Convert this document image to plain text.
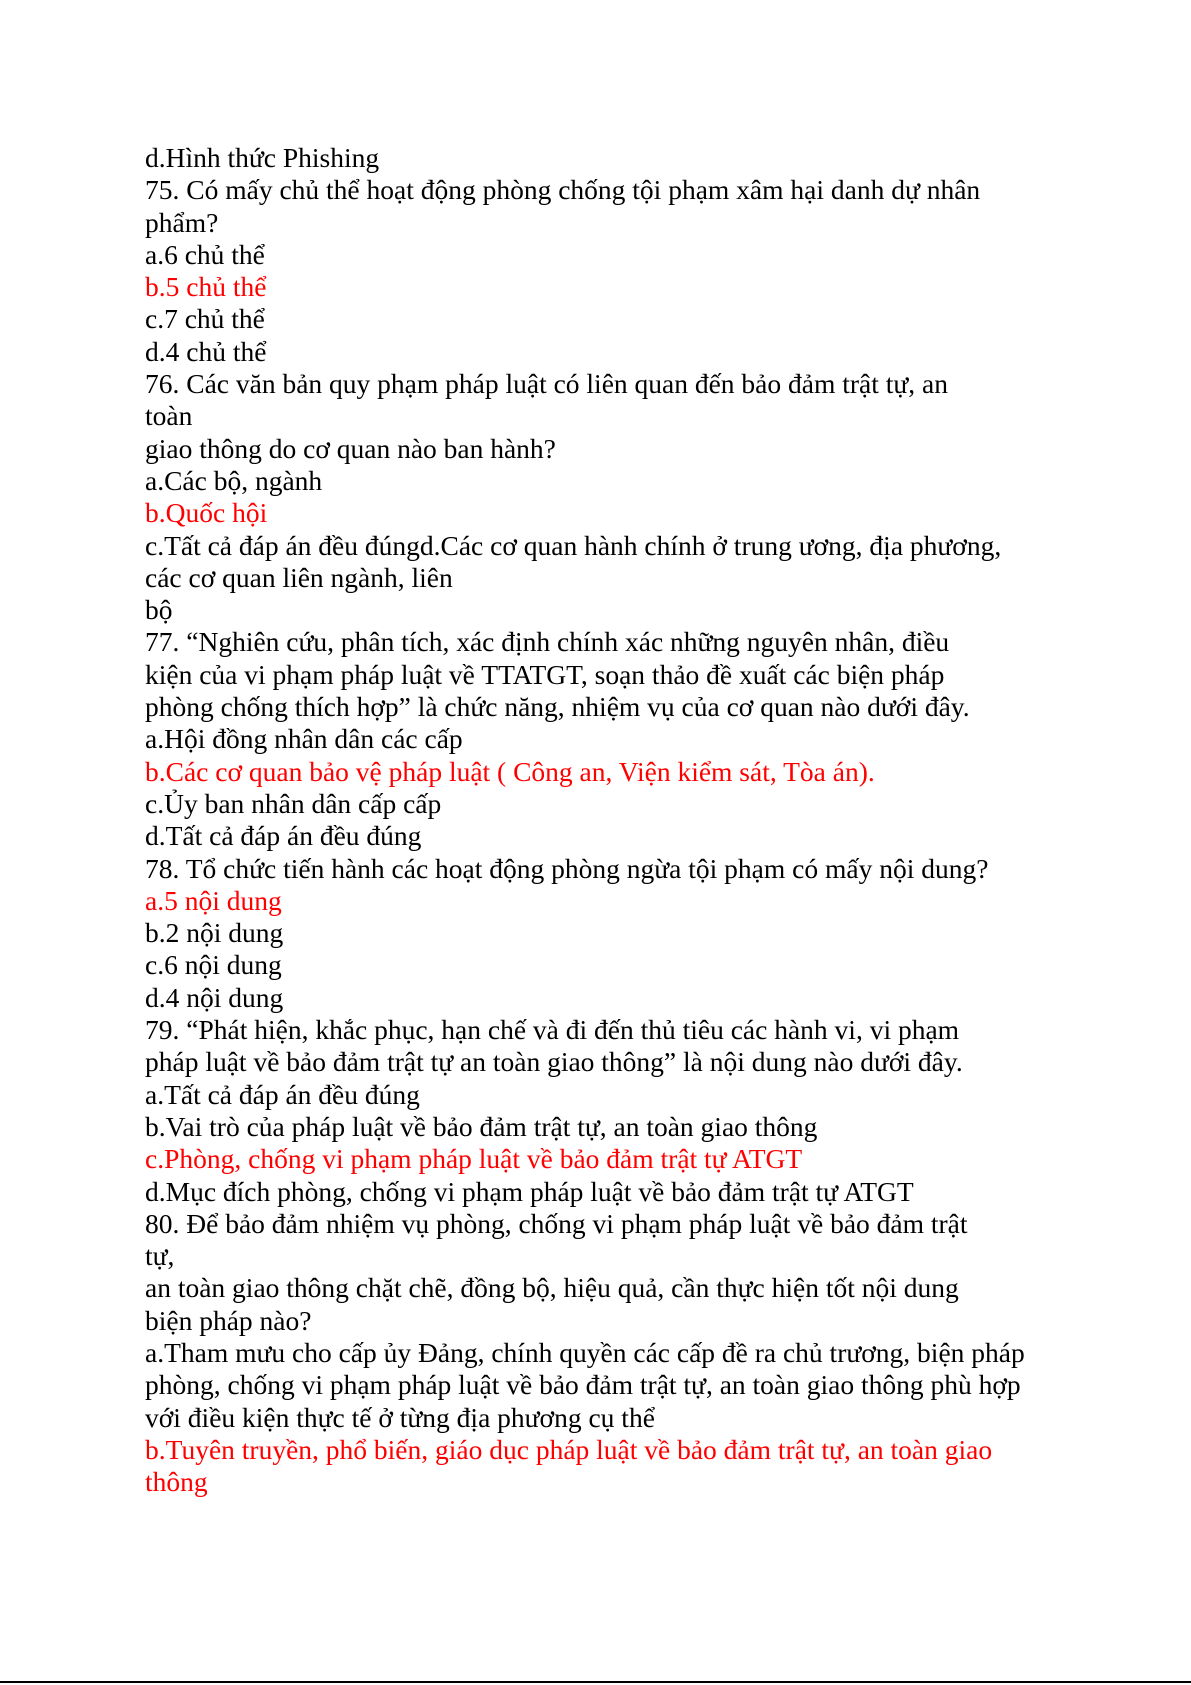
d.Hình thức Phishing
75. Có mấy chủ thể hoạt động phòng chống tội phạm xâm hại danh dự nhân
phẩm?
a.6 chủ thể
b.5 chủ thể
c.7 chủ thể
d.4 chủ thể
76. Các văn bản quy phạm pháp luật có liên quan đến bảo đảm trật tự, an
toàn
giao thông do cơ quan nào ban hành?
a.Các bộ, ngành
b.Quốc hội
c.Tất cả đáp án đều đúngd.Các cơ quan hành chính ở trung ương, địa phương,
các cơ quan liên ngành, liên
bộ
77. “Nghiên cứu, phân tích, xác định chính xác những nguyên nhân, điều
kiện của vi phạm pháp luật về TTATGT, soạn thảo đề xuất các biện pháp
phòng chống thích hợp” là chức năng, nhiệm vụ của cơ quan nào dưới đây.
a.Hội đồng nhân dân các cấp
b.Các cơ quan bảo vệ pháp luật ( Công an, Viện kiểm sát, Tòa án).
c.Ủy ban nhân dân cấp cấp
d.Tất cả đáp án đều đúng
78. Tổ chức tiến hành các hoạt động phòng ngừa tội phạm có mấy nội dung?
a.5 nội dung
b.2 nội dung
c.6 nội dung
d.4 nội dung
79. “Phát hiện, khắc phục, hạn chế và đi đến thủ tiêu các hành vi, vi phạm
pháp luật về bảo đảm trật tự an toàn giao thông” là nội dung nào dưới đây.
a.Tất cả đáp án đều đúng
b.Vai trò của pháp luật về bảo đảm trật tự, an toàn giao thông
c.Phòng, chống vi phạm pháp luật về bảo đảm trật tự ATGT
d.Mục đích phòng, chống vi phạm pháp luật về bảo đảm trật tự ATGT
80. Để bảo đảm nhiệm vụ phòng, chống vi phạm pháp luật về bảo đảm trật
tự,
an toàn giao thông chặt chẽ, đồng bộ, hiệu quả, cần thực hiện tốt nội dung
biện pháp nào?
a.Tham mưu cho cấp ủy Đảng, chính quyền các cấp đề ra chủ trương, biện pháp
phòng, chống vi phạm pháp luật về bảo đảm trật tự, an toàn giao thông phù hợp
với điều kiện thực tế ở từng địa phương cụ thể
b.Tuyên truyền, phổ biến, giáo dục pháp luật về bảo đảm trật tự, an toàn giao
thông
